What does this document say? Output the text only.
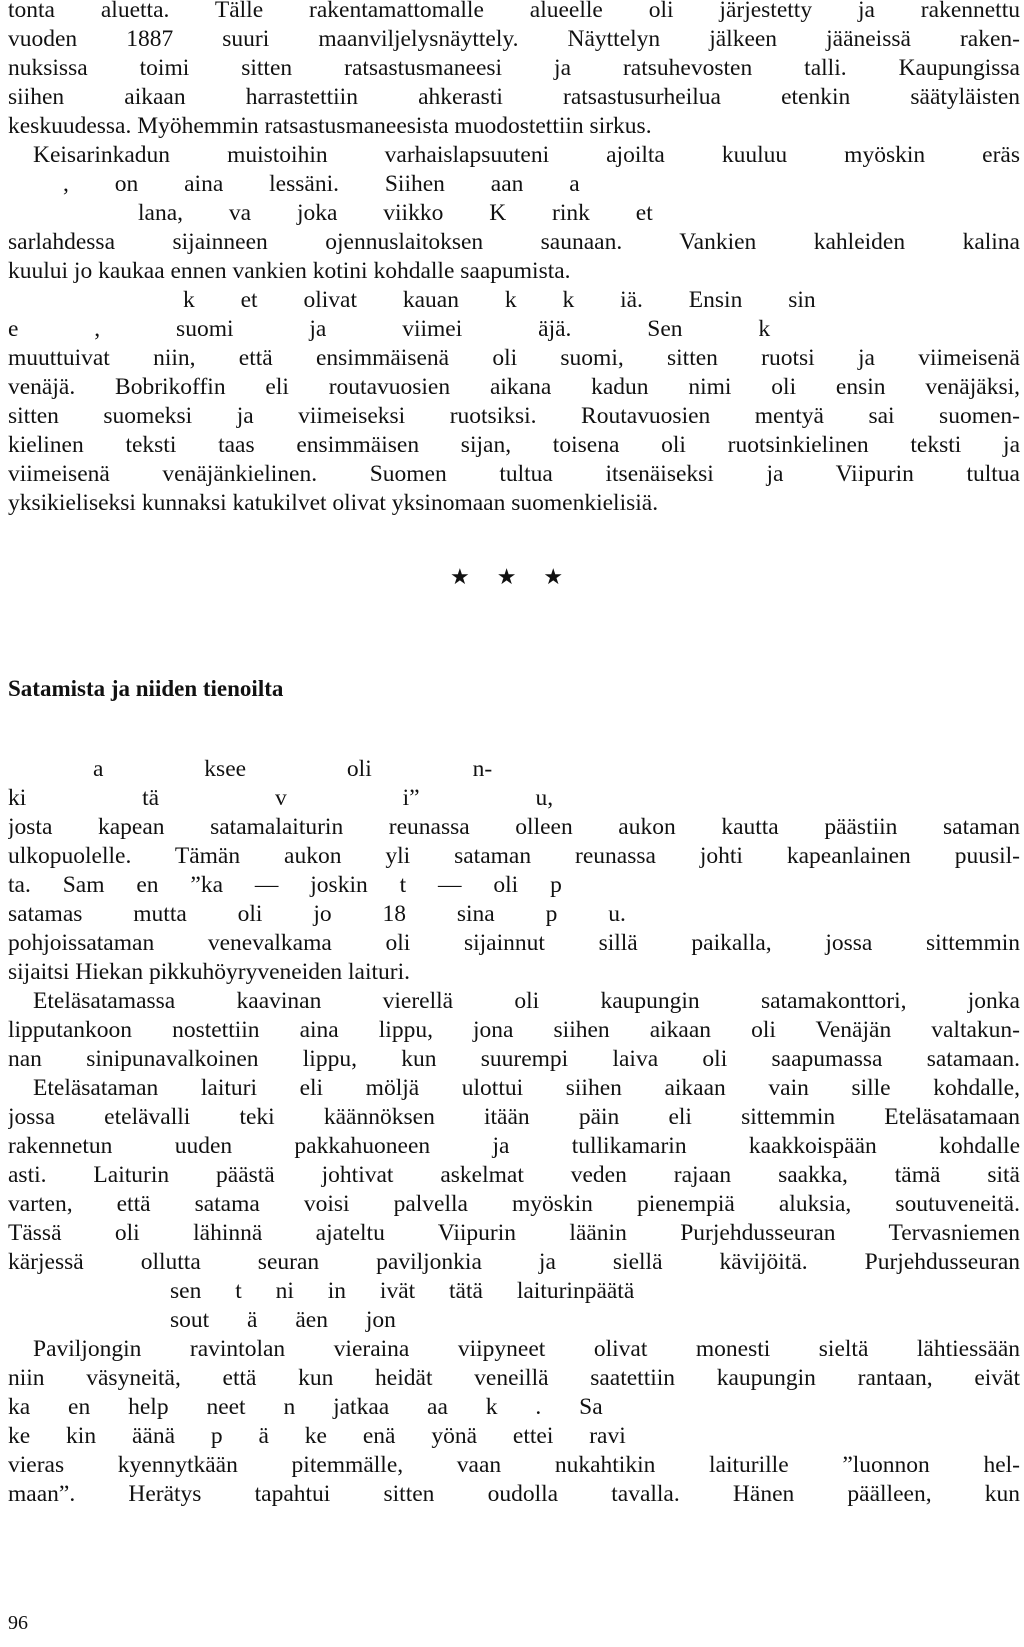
tonta aluetta. Tälle rakentamattomalle alueelle oli järjestetty ja rakennettu
vuoden 1887 suuri maanviljelysnäyttely. Näyttelyn jälkeen jääneissä raken-
nuksissa toimi sitten ratsastusmaneesi ja ratsuhevosten talli. Kaupungissa
siihen aikaan harrastettiin ahkerasti ratsastusurheilua etenkin säätyläisten
keskuudessa. Myöhemmin ratsastusmaneesista muodostettiin sirkus.
Keisarinkadun muistoihin varhaislapsuuteni ajoilta kuuluu myöskin eräs
, on aina lessäni. Siihen aan a
lana, va joka viikko K rink et
sarlahdessa sijainneen ojennuslaitoksen saunaan. Vankien kahleiden kalina
kuului jo kaukaa ennen vankien kotini kohdalle saapumista.
k et olivat kauan k k iä. Ensin sin
e , suomi ja viimei äjä. Sen k
muuttuivat niin, että ensimmäisenä oli suomi, sitten ruotsi ja viimeisenä
venäjä. Bobrikoffin eli routavuosien aikana kadun nimi oli ensin venäjäksi,
sitten suomeksi ja viimeiseksi ruotsiksi. Routavuosien mentyä sai suomen-
kielinen teksti taas ensimmäisen sijan, toisena oli ruotsinkielinen teksti ja
viimeisenä venäjänkielinen. Suomen tultua itsenäiseksi ja Viipurin tultua
yksikieliseksi kunnaksi katukilvet olivat yksinomaan suomenkielisiä.
★ ★ ★
Satamista ja niiden tienoilta
a ksee oli n-
ki tä v i” u,
josta kapean satamalaiturin reunassa olleen aukon kautta päästiin sataman
ulkopuolelle. Tämän aukon yli sataman reunassa johti kapeanlainen puusil-
ta. Sam en ”ka — joskin t — oli p
satamas mutta oli jo 18 sina p u.
pohjoissataman venevalkama oli sijainnut sillä paikalla, jossa sittemmin
sijaitsi Hiekan pikkuhöyryveneiden laituri.
Eteläsatamassa kaavinan vierellä oli kaupungin satamakonttori, jonka
lipputankoon nostettiin aina lippu, jona siihen aikaan oli Venäjän valtakun-
nan sinipunavalkoinen lippu, kun suurempi laiva oli saapumassa satamaan.
Eteläsataman laituri eli möljä ulottui siihen aikaan vain sille kohdalle,
jossa etelävalli teki käännöksen itään päin eli sittemmin Eteläsatamaan
rakennetun uuden pakkahuoneen ja tullikamarin kaakkoispään kohdalle
asti. Laiturin päästä johtivat askelmat veden rajaan saakka, tämä sitä
varten, että satama voisi palvella myöskin pienempiä aluksia, soutuveneitä.
Tässä oli lähinnä ajateltu Viipurin läänin Purjehdusseuran Tervasniemen
kärjessä ollutta seuran paviljonkia ja siellä kävijöitä. Purjehdusseuran
sen t ni in ivät tätä laiturinpäätä
sout ä äen jon
Paviljongin ravintolan vieraina viipyneet olivat monesti sieltä lähtiessään
niin väsyneitä, että kun heidät veneillä saatettiin kaupungin rantaan, eivät
ka en help neet n jatkaa aa k . Sa
ke kin äänä p ä ke enä yönä ettei ravi
vieras kyennytkään pitemmälle, vaan nukahtikin laiturille ”luonnon hel-
maan”. Herätys tapahtui sitten oudolla tavalla. Hänen päälleen, kun
96
